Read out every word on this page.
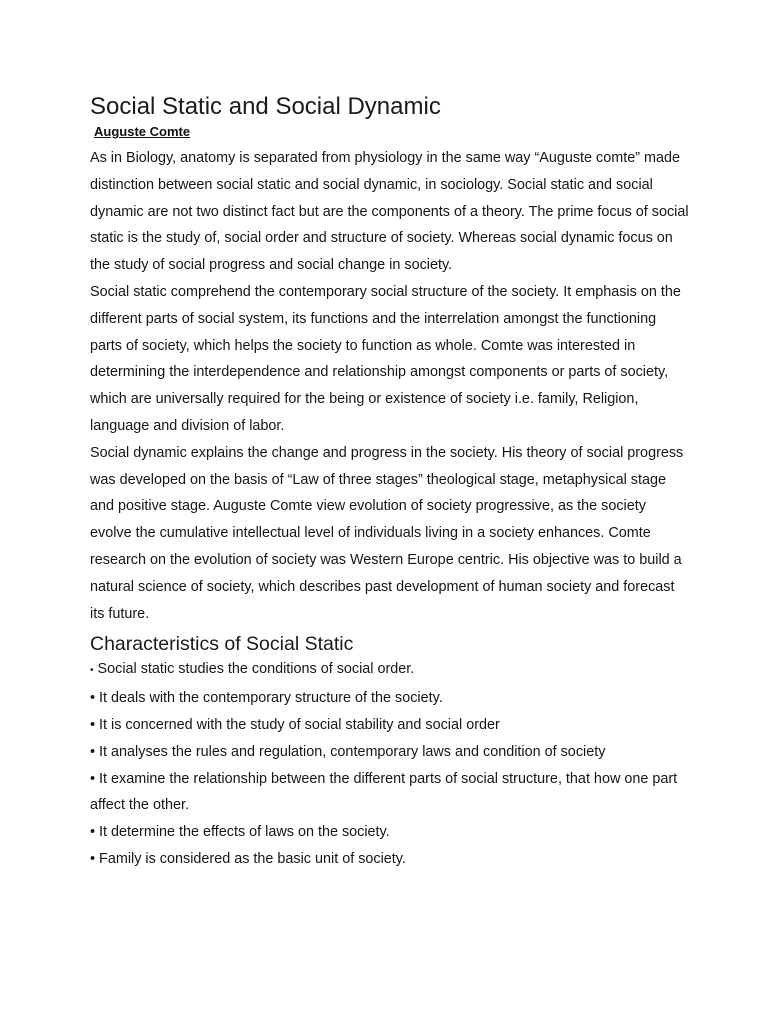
Social Static and Social Dynamic
Auguste Comte

As in Biology, anatomy is separated from physiology in the same way “Auguste comte” made distinction between social static and social dynamic, in sociology. Social static and social dynamic are not two distinct fact but are the components of a theory. The prime focus of social static is the study of, social order and structure of society. Whereas social dynamic focus on the study of social progress and social change in society.

Social static comprehend the contemporary social structure of the society. It emphasis on the different parts of social system, its functions and the interrelation amongst the functioning parts of society, which helps the society to function as whole. Comte was interested in determining the interdependence and relationship amongst components or parts of society, which are universally required for the being or existence of society i.e. family, Religion, language and division of labor.

Social dynamic explains the change and progress in the society. His theory of social progress was developed on the basis of “Law of three stages” theological stage, metaphysical stage and positive stage. Auguste Comte view evolution of society progressive, as the society evolve the cumulative intellectual level of individuals living in a society enhances. Comte research on the evolution of society was Western Europe centric. His objective was to build a natural science of society, which describes past development of human society and forecast its future.

Characteristics of Social Static
• Social static studies the conditions of social order.
• It deals with the contemporary structure of the society.
• It is concerned with the study of social stability and social order
• It analyses the rules and regulation, contemporary laws and condition of society
• It examine the relationship between the different parts of social structure, that how one part affect the other.
• It determine the effects of laws on the society.
• Family is considered as the basic unit of society.
